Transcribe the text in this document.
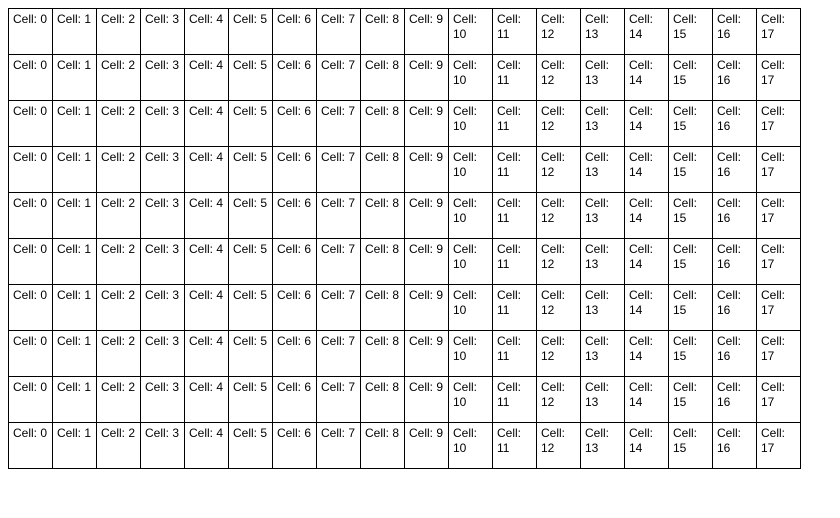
Cell: 0	Cell: 1	Cell: 2	Cell: 3	Cell: 4	Cell: 5	Cell: 6	Cell: 7	Cell: 8	Cell: 9	Cell: 10	Cell: 11	Cell: 12	Cell: 13	Cell: 14	Cell: 15	Cell: 16	Cell: 17

Cell: 0	Cell: 1	Cell: 2	Cell: 3	Cell: 4	Cell: 5	Cell: 6	Cell: 7	Cell: 8	Cell: 9	Cell: 10	Cell: 11	Cell: 12	Cell: 13	Cell: 14	Cell: 15	Cell: 16	Cell: 17

Cell: 0	Cell: 1	Cell: 2	Cell: 3	Cell: 4	Cell: 5	Cell: 6	Cell: 7	Cell: 8	Cell: 9	Cell: 10	Cell: 11	Cell: 12	Cell: 13	Cell: 14	Cell: 15	Cell: 16	Cell: 17

Cell: 0	Cell: 1	Cell: 2	Cell: 3	Cell: 4	Cell: 5	Cell: 6	Cell: 7	Cell: 8	Cell: 9	Cell: 10	Cell: 11	Cell: 12	Cell: 13	Cell: 14	Cell: 15	Cell: 16	Cell: 17

Cell: 0	Cell: 1	Cell: 2	Cell: 3	Cell: 4	Cell: 5	Cell: 6	Cell: 7	Cell: 8	Cell: 9	Cell: 10	Cell: 11	Cell: 12	Cell: 13	Cell: 14	Cell: 15	Cell: 16	Cell: 17

Cell: 0	Cell: 1	Cell: 2	Cell: 3	Cell: 4	Cell: 5	Cell: 6	Cell: 7	Cell: 8	Cell: 9	Cell: 10	Cell: 11	Cell: 12	Cell: 13	Cell: 14	Cell: 15	Cell: 16	Cell: 17

Cell: 0	Cell: 1	Cell: 2	Cell: 3	Cell: 4	Cell: 5	Cell: 6	Cell: 7	Cell: 8	Cell: 9	Cell: 10	Cell: 11	Cell: 12	Cell: 13	Cell: 14	Cell: 15	Cell: 16	Cell: 17

Cell: 0	Cell: 1	Cell: 2	Cell: 3	Cell: 4	Cell: 5	Cell: 6	Cell: 7	Cell: 8	Cell: 9	Cell: 10	Cell: 11	Cell: 12	Cell: 13	Cell: 14	Cell: 15	Cell: 16	Cell: 17

Cell: 0	Cell: 1	Cell: 2	Cell: 3	Cell: 4	Cell: 5	Cell: 6	Cell: 7	Cell: 8	Cell: 9	Cell: 10	Cell: 11	Cell: 12	Cell: 13	Cell: 14	Cell: 15	Cell: 16	Cell: 17

Cell: 0	Cell: 1	Cell: 2	Cell: 3	Cell: 4	Cell: 5	Cell: 6	Cell: 7	Cell: 8	Cell: 9	Cell: 10	Cell: 11	Cell: 12	Cell: 13	Cell: 14	Cell: 15	Cell: 16	Cell: 17
